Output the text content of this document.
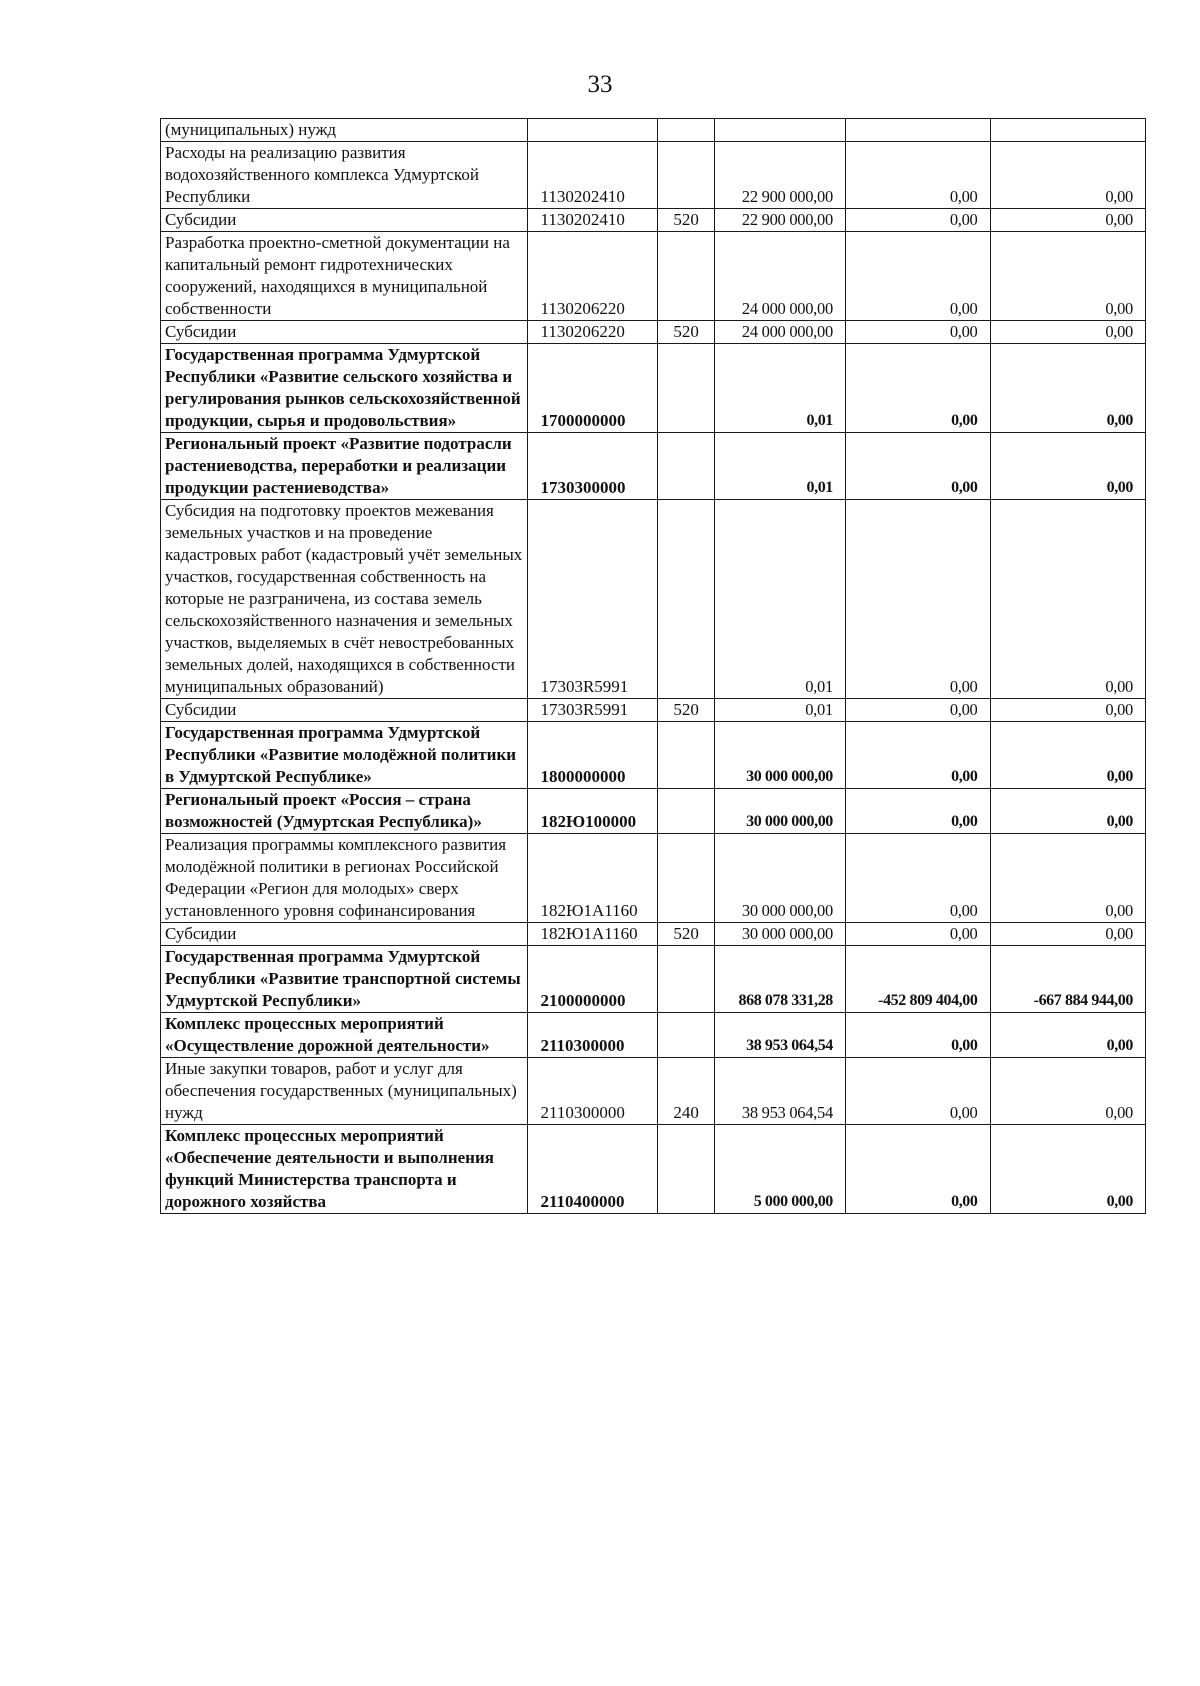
33
(муниципальных) нужд					
Расходы на реализацию развития водохозяйственного комплекса Удмуртской Республики	1130202410		22 900 000,00	0,00	0,00
Субсидии	1130202410	520	22 900 000,00	0,00	0,00
Разработка проектно-сметной документации на капитальный ремонт гидротехнических сооружений, находящихся в муниципальной собственности	1130206220		24 000 000,00	0,00	0,00
Субсидии	1130206220	520	24 000 000,00	0,00	0,00
Государственная программа Удмуртской Республики «Развитие сельского хозяйства и регулирования рынков сельскохозяйственной продукции, сырья и продовольствия»	1700000000		0,01	0,00	0,00
Региональный проект «Развитие подотрасли растениеводства, переработки и реализации продукции растениеводства»	1730300000		0,01	0,00	0,00
Субсидия на подготовку проектов межевания земельных участков и на проведение кадастровых работ (кадастровый учёт земельных участков, государственная собственность на которые не разграничена, из состава земель сельскохозяйственного назначения и земельных участков, выделяемых в счёт невостребованных земельных долей, находящихся в собственности муниципальных образований)	17303R5991		0,01	0,00	0,00
Субсидии	17303R5991	520	0,01	0,00	0,00
Государственная программа Удмуртской Республики «Развитие молодёжной политики в Удмуртской Республике»	1800000000		30 000 000,00	0,00	0,00
Региональный проект «Россия – страна возможностей (Удмуртская Республика)»	182Ю100000		30 000 000,00	0,00	0,00
Реализация программы комплексного развития молодёжной политики в регионах Российской Федерации «Регион для молодых» сверх установленного уровня софинансирования	182Ю1А1160		30 000 000,00	0,00	0,00
Субсидии	182Ю1А1160	520	30 000 000,00	0,00	0,00
Государственная программа Удмуртской Республики «Развитие транспортной системы Удмуртской Республики»	2100000000		868 078 331,28	-452 809 404,00	-667 884 944,00
Комплекс процессных мероприятий «Осуществление дорожной деятельности»	2110300000		38 953 064,54	0,00	0,00
Иные закупки товаров, работ и услуг для обеспечения государственных (муниципальных) нужд	2110300000	240	38 953 064,54	0,00	0,00
Комплекс процессных мероприятий «Обеспечение деятельности и выполнения функций Министерства транспорта и дорожного хозяйства	2110400000		5 000 000,00	0,00	0,00
